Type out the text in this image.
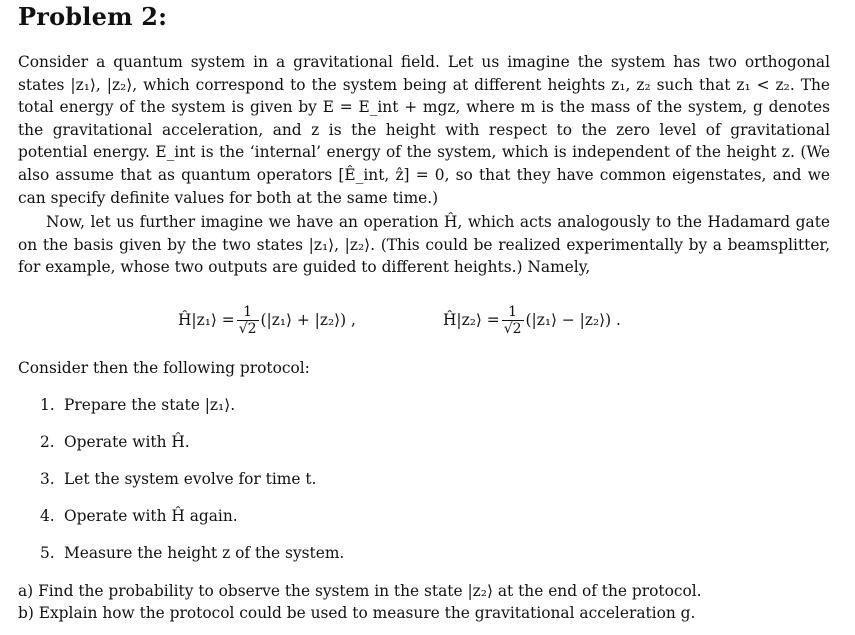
Problem 2:
Consider a quantum system in a gravitational field. Let us imagine the system has two orthogonal states |z₁⟩, |z₂⟩, which correspond to the system being at different heights z₁, z₂ such that z₁ < z₂. The total energy of the system is given by E = E_int + mgz, where m is the mass of the system, g denotes the gravitational acceleration, and z is the height with respect to the zero level of gravitational potential energy. E_int is the ‘internal’ energy of the system, which is independent of the height z. (We also assume that as quantum operators [Ê_int, ẑ] = 0, so that they have common eigenstates, and we can specify definite values for both at the same time.)
Now, let us further imagine we have an operation Ĥ, which acts analogously to the Hadamard gate on the basis given by the two states |z₁⟩, |z₂⟩. (This could be realized experimentally by a beamsplitter, for example, whose two outputs are guided to different heights.) Namely,
Ĥ|z₁⟩ = $\frac{1}{√2}$ (|z₁⟩ + |z₂⟩) ,	Ĥ|z₂⟩ = $\frac{1}{√2}$ (|z₁⟩ − |z₂⟩) .
Consider then the following protocol:
1. Prepare the state |z₁⟩.
2. Operate with Ĥ.
3. Let the system evolve for time t.
4. Operate with Ĥ again.
5. Measure the height z of the system.
a) Find the probability to observe the system in the state |z₂⟩ at the end of the protocol.
b) Explain how the protocol could be used to measure the gravitational acceleration g.
